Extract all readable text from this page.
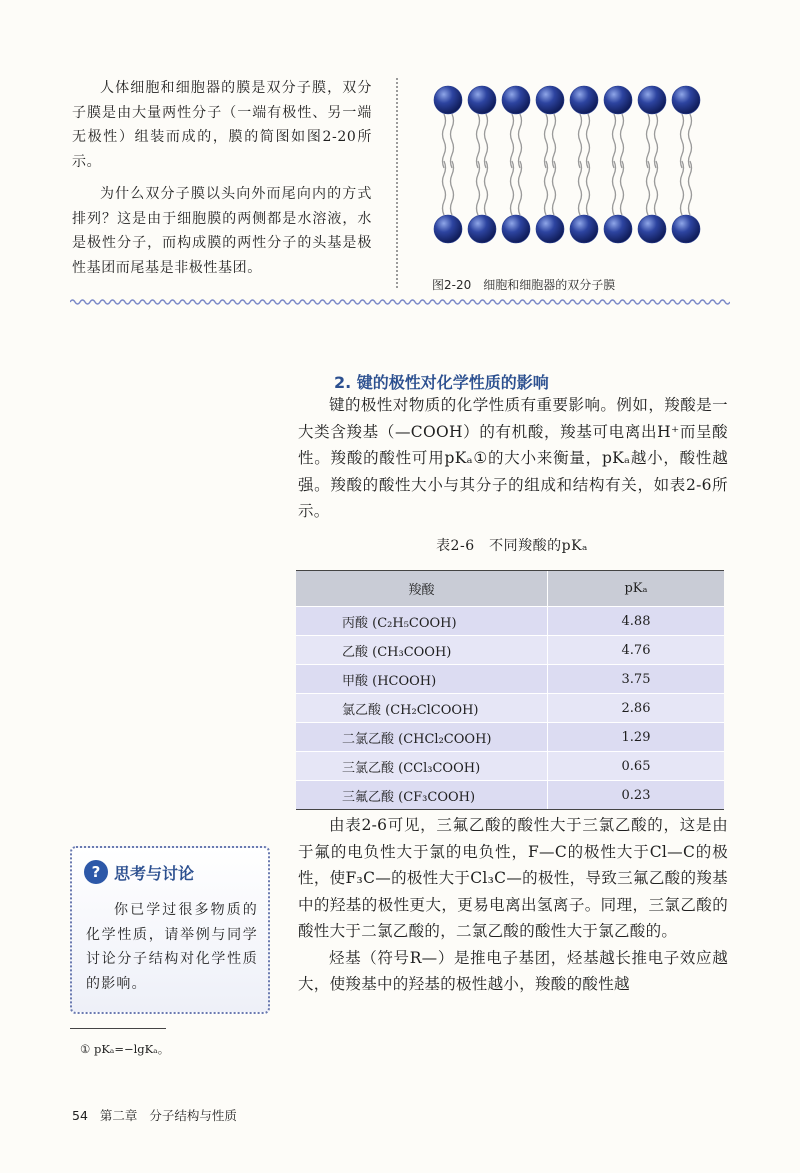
人体细胞和细胞器的膜是双分子膜，双分子膜是由大量两性分子（一端有极性、另一端无极性）组装而成的，膜的简图如图2-20所示。

为什么双分子膜以头向外而尾向内的方式排列？这是由于细胞膜的两侧都是水溶液，水是极性分子，而构成膜的两性分子的头基是极性基团而尾基是非极性基团。

图2-20　细胞和细胞器的双分子膜
2. 键的极性对化学性质的影响

键的极性对物质的化学性质有重要影响。例如，羧酸是一大类含羧基（—COOH）的有机酸，羧基可电离出H⁺而呈酸性。羧酸的酸性可用pKₐ①的大小来衡量，pKₐ越小，酸性越强。羧酸的酸性大小与其分子的组成和结构有关，如表2-6所示。

表2-6　不同羧酸的pKₐ
羧酸	pKₐ
丙酸 (C₂H₅COOH)	4.88
乙酸 (CH₃COOH)	4.76
甲酸 (HCOOH)	3.75
氯乙酸 (CH₂ClCOOH)	2.86
二氯乙酸 (CHCl₂COOH)	1.29
三氯乙酸 (CCl₃COOH)	0.65
三氟乙酸 (CF₃COOH)	0.23

由表2-6可见，三氟乙酸的酸性大于三氯乙酸的，这是由于氟的电负性大于氯的电负性，F—C的极性大于Cl—C的极性，使F₃C—的极性大于Cl₃C—的极性，导致三氟乙酸的羧基中的羟基的极性更大，更易电离出氢离子。同理，三氯乙酸的酸性大于二氯乙酸的，二氯乙酸的酸性大于氯乙酸的。

烃基（符号R—）是推电子基团，烃基越长推电子效应越大，使羧基中的羟基的极性越小，羧酸的酸性越

? 思考与讨论
你已学过很多物质的化学性质，请举例与同学讨论分子结构对化学性质的影响。
① pKₐ=−lgKₐ。
54 第二章 分子结构与性质
